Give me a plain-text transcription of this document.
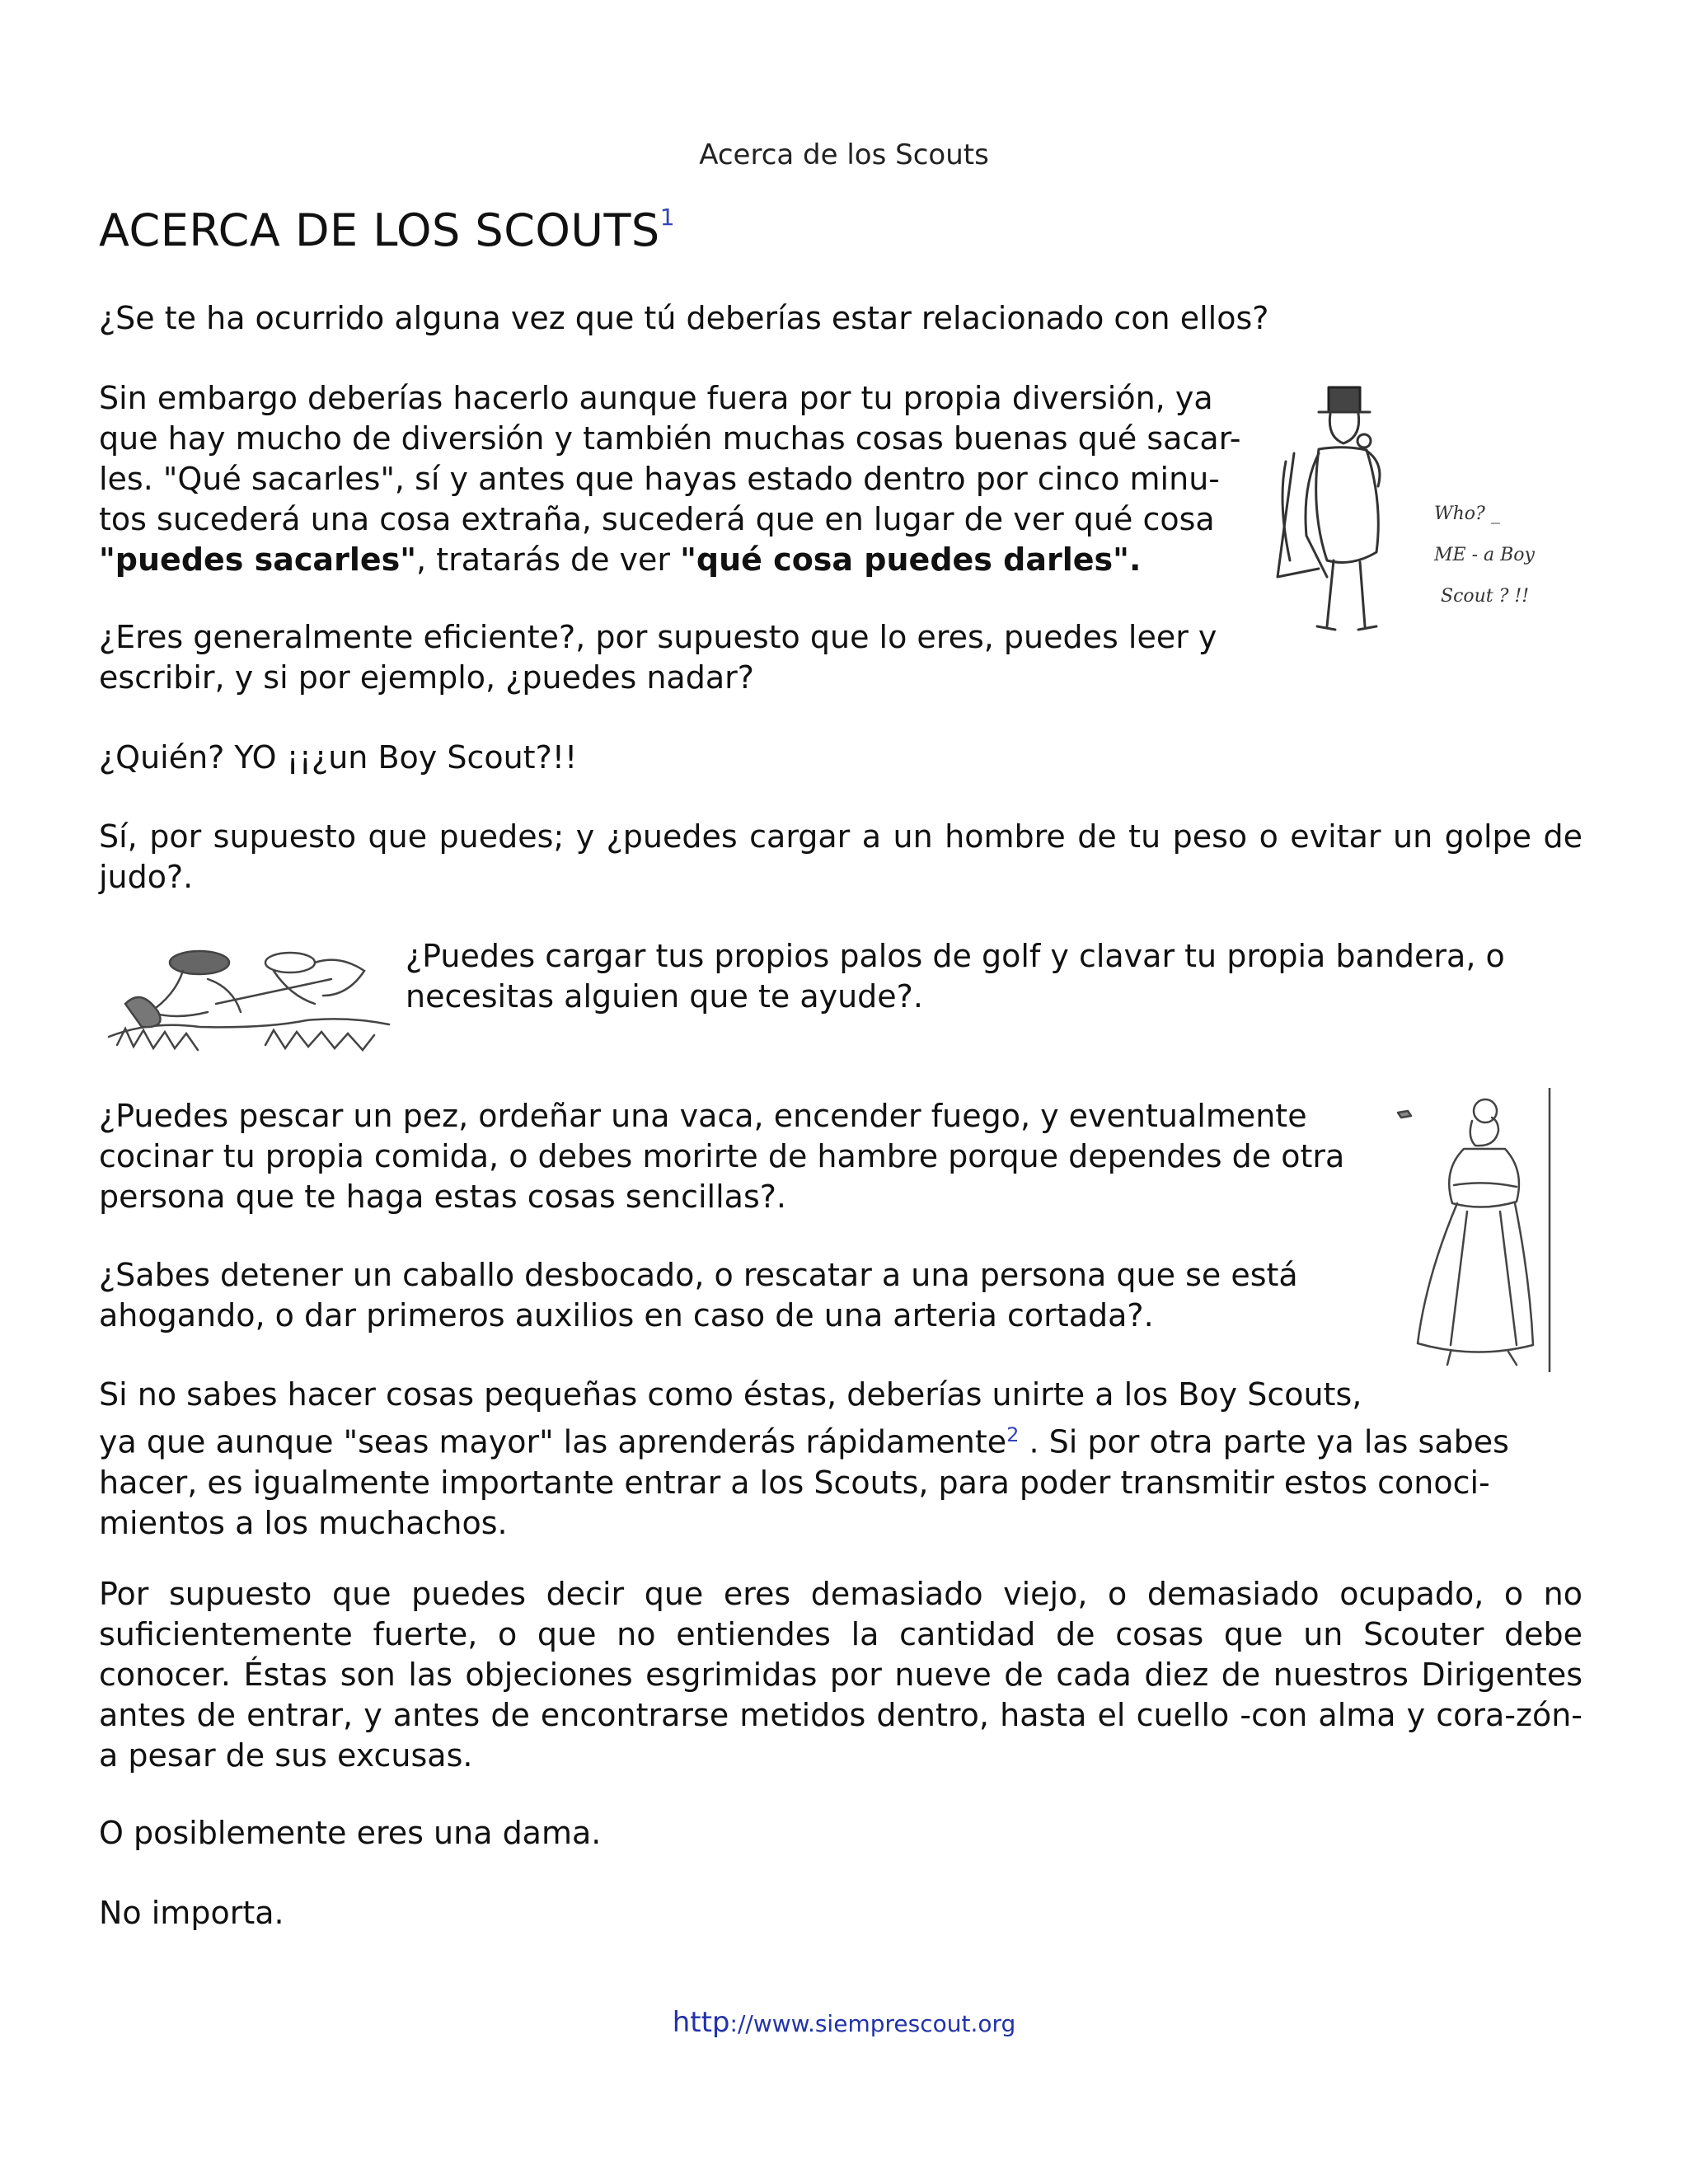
Acerca de los Scouts
ACERCA DE LOS SCOUTS$^1$

¿Se te ha ocurrido alguna vez que tú deberías estar relacionado con ellos?

Sin embargo deberías hacerlo aunque fuera por tu propia diversión, ya
que hay mucho de diversión y también muchas cosas buenas qué sacar-
les. "Qué sacarles", sí y antes que hayas estado dentro por cinco minu-
tos sucederá una cosa extraña, sucederá que en lugar de ver qué cosa
"puedes sacarles", tratarás de ver "qué cosa puedes darles".
¿Eres generalmente eficiente?, por supuesto que lo eres, puedes leer y
escribir, y si por ejemplo, ¿puedes nadar?

¿Quién? YO ¡¡¿un Boy Scout?!!

Sí, por supuesto que puedes; y ¿puedes cargar a un hombre de tu peso o evitar un golpe de judo?.

¿Puedes cargar tus propios palos de golf y clavar tu propia bandera, o
necesitas alguien que te ayude?.
¿Puedes pescar un pez, ordeñar una vaca, encender fuego, y eventualmente
cocinar tu propia comida, o debes morirte de hambre porque dependes de otra
persona que te haga estas cosas sencillas?.
¿Sabes detener un caballo desbocado, o rescatar a una persona que se está
ahogando, o dar primeros auxilios en caso de una arteria cortada?.
Si no sabes hacer cosas pequeñas como éstas, deberías unirte a los Boy Scouts,
ya que aunque "seas mayor" las aprenderás rápidamente$^2$ . Si por otra parte ya las sabes
hacer, es igualmente importante entrar a los Scouts, para poder transmitir estos conoci-
mientos a los muchachos.

Por supuesto que puedes decir que eres demasiado viejo, o demasiado ocupado, o no suficientemente fuerte, o que no entiendes la cantidad de cosas que un Scouter debe conocer. Éstas son las objeciones esgrimidas por nueve de cada diez de nuestros Dirigentes antes de entrar, y antes de encontrarse metidos dentro, hasta el cuello -con alma y cora-zón- a pesar de sus excusas.

O posiblemente eres una dama.

No importa.

Who? _
ME - a Boy
Scout ? !!
http://www.siemprescout.org
